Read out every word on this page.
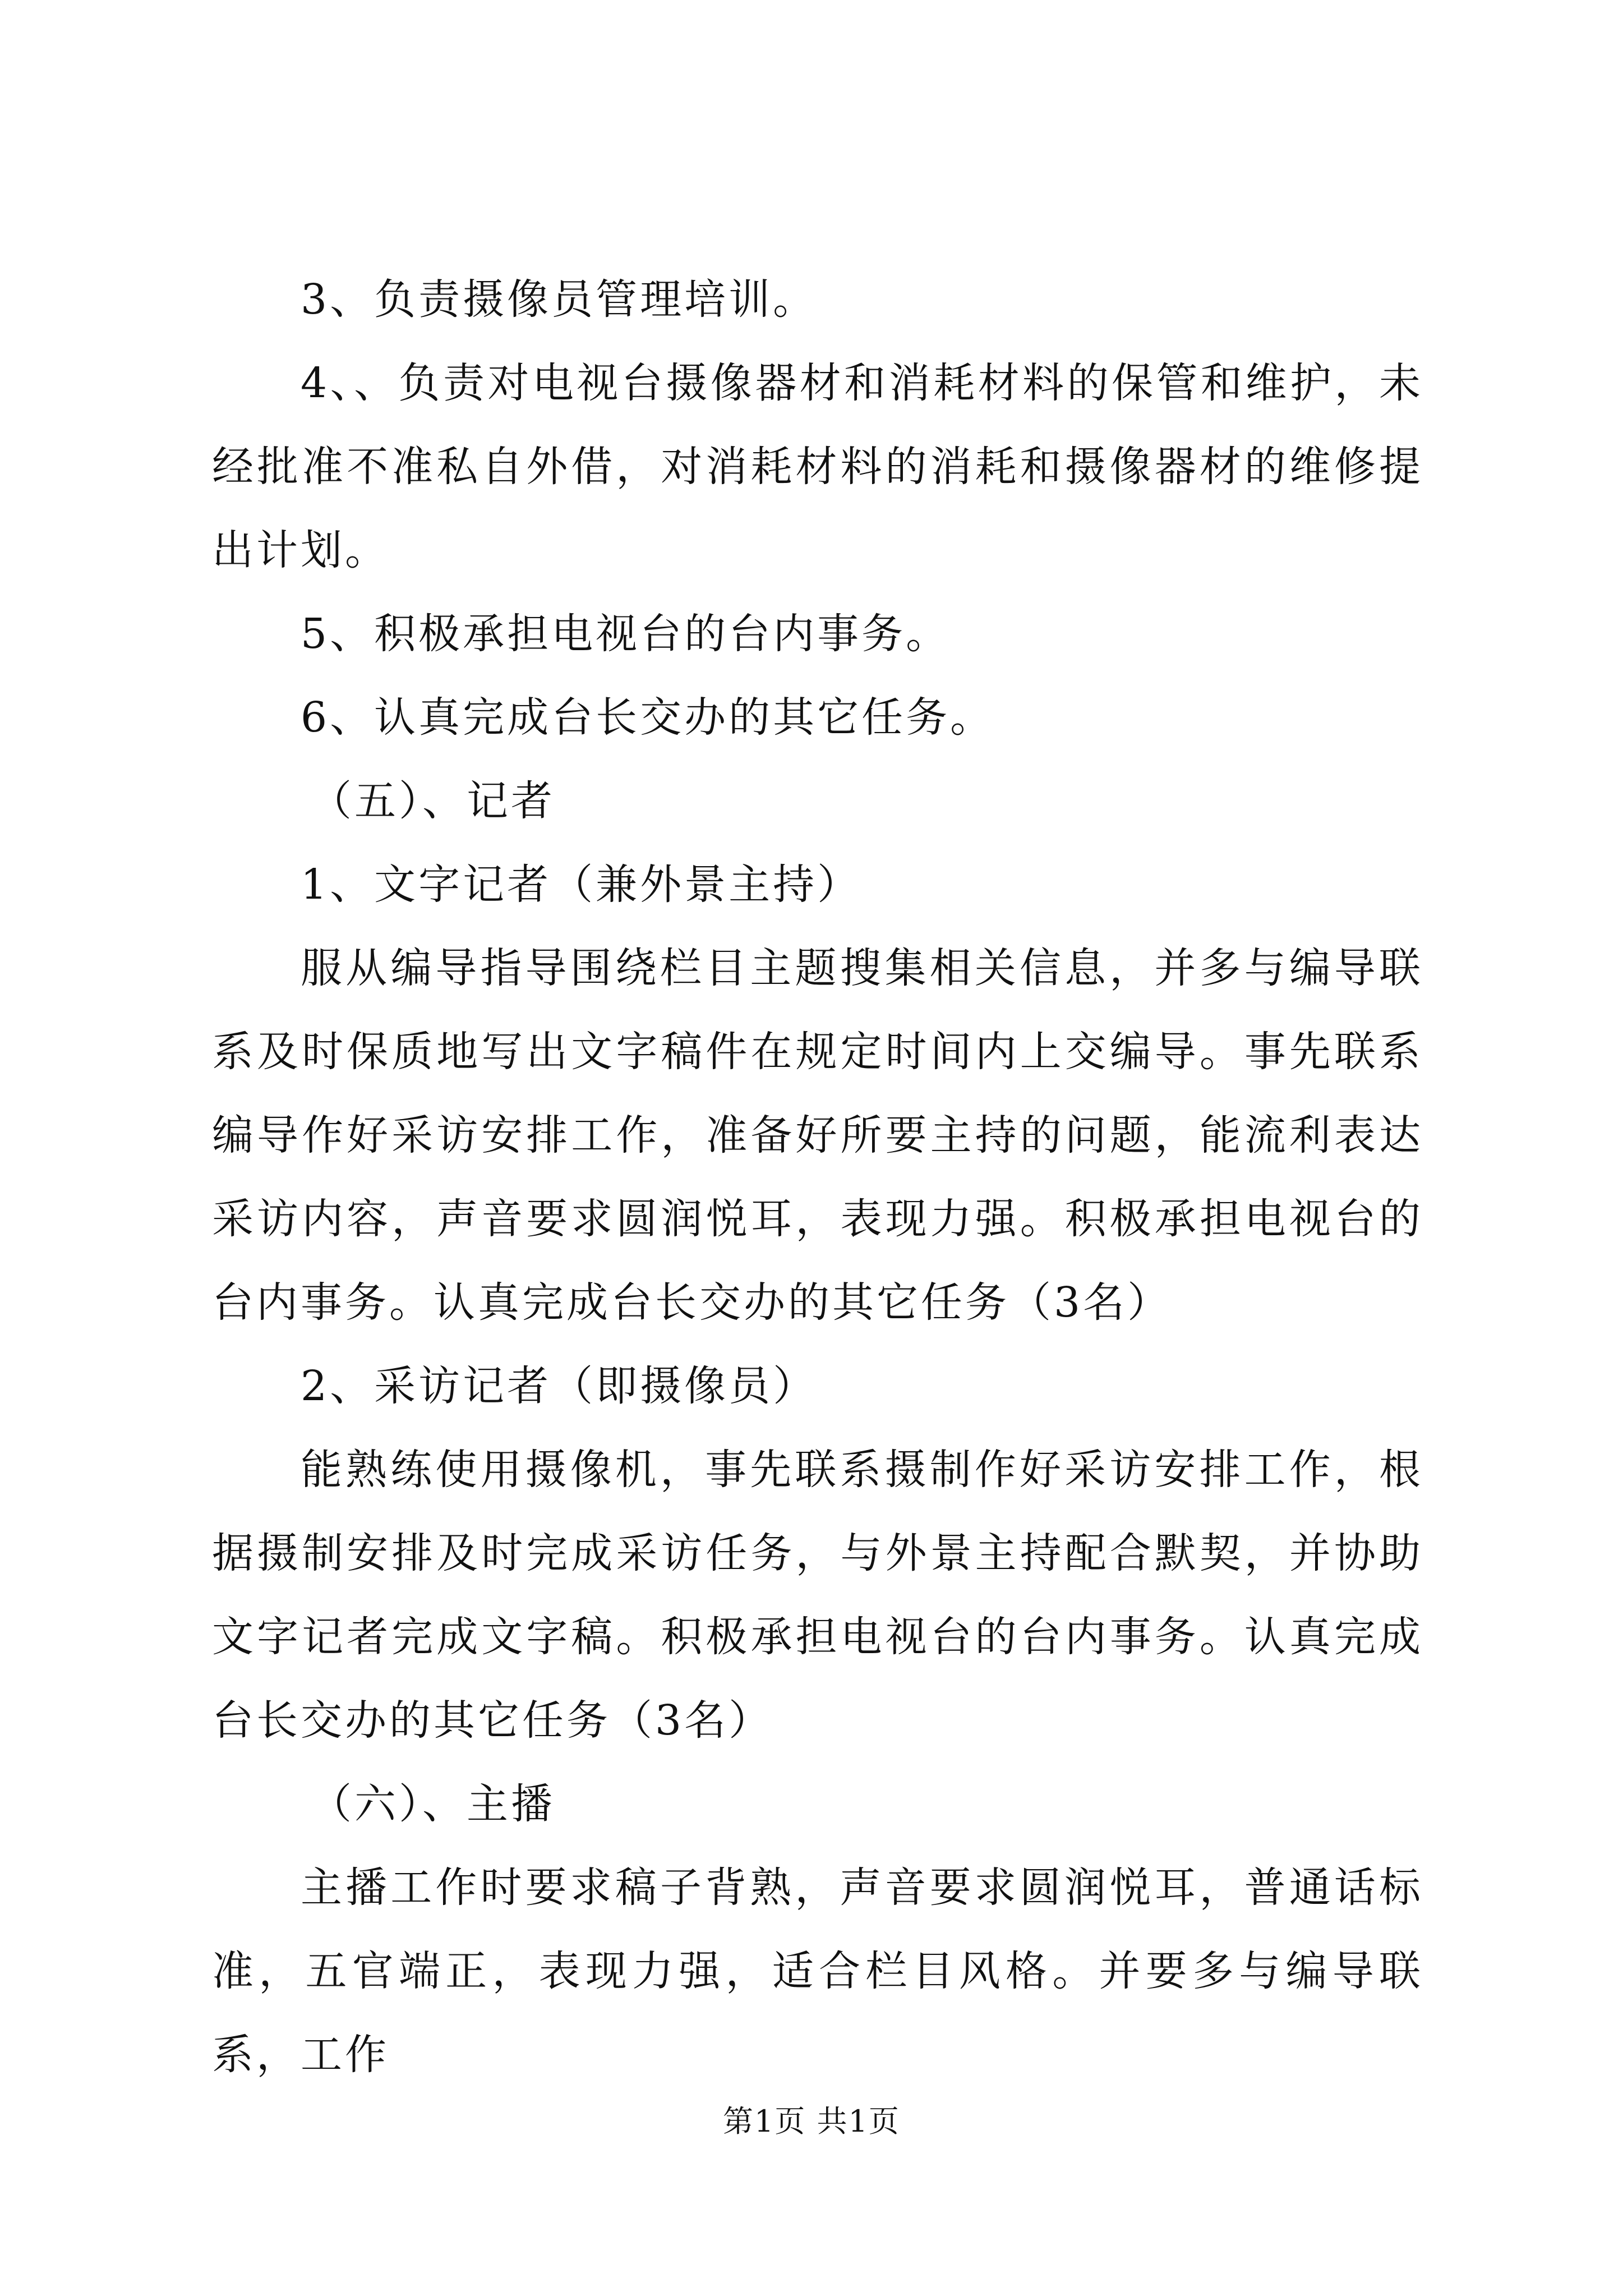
3、负责摄像员管理培训。

4、、负责对电视台摄像器材和消耗材料的保管和维护，未经批准不准私自外借，对消耗材料的消耗和摄像器材的维修提出计划。

5、积极承担电视台的台内事务。

6、认真完成台长交办的其它任务。

（五）、记者

1、文字记者（兼外景主持）

服从编导指导围绕栏目主题搜集相关信息，并多与编导联系及时保质地写出文字稿件在规定时间内上交编导。事先联系编导作好采访安排工作，准备好所要主持的问题，能流利表达采访内容，声音要求圆润悦耳，表现力强。积极承担电视台的台内事务。认真完成台长交办的其它任务（3名）

2、采访记者（即摄像员）

能熟练使用摄像机，事先联系摄制作好采访安排工作，根据摄制安排及时完成采访任务，与外景主持配合默契，并协助文字记者完成文字稿。积极承担电视台的台内事务。认真完成台长交办的其它任务（3名）

（六）、主播

主播工作时要求稿子背熟，声音要求圆润悦耳，普通话标准，五官端正，表现力强，适合栏目风格。并要多与编导联系，工作

第1页 共1页
